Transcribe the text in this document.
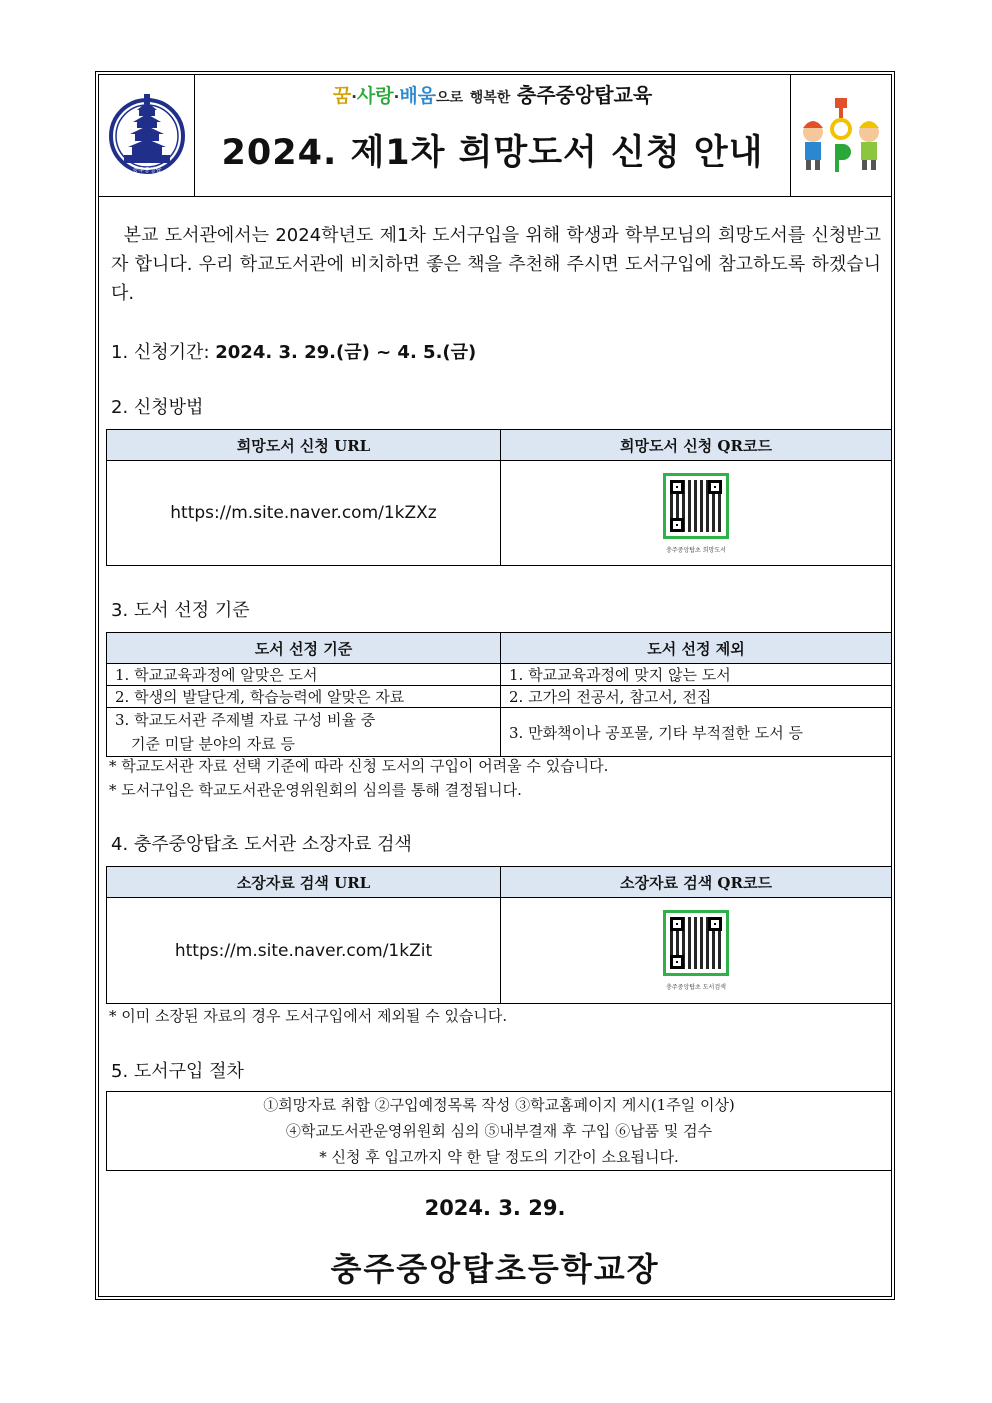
충주중앙탑
꿈·사랑·배움으로 행복한 충주중앙탑교육
2024. 제1차 희망도서 신청 안내
본교 도서관에서는 2024학년도 제1차 도서구입을 위해 학생과 학부모님의 희망도서를 신청받고자 합니다. 우리 학교도서관에 비치하면 좋은 책을 추천해 주시면 도서구입에 참고하도록 하겠습니다.
1. 신청기간: 2024. 3. 29.(금) ~ 4. 5.(금)
2. 신청방법
희망도서 신청 URL	희망도서 신청 QR코드
https://m.site.naver.com/1kZXz	충주중앙탑초 희망도서
3. 도서 선정 기준
도서 선정 기준	도서 선정 제외
1. 학교교육과정에 알맞은 도서	1. 학교교육과정에 맞지 않는 도서
2. 학생의 발달단계, 학습능력에 알맞은 자료	2. 고가의 전공서, 참고서, 전집

3. 학교도서관 주제별 자료 구성 비율 중
기준 미달 분야의 자료 등	3. 만화책이나 공포물, 기타 부적절한 도서 등
* 학교도서관 자료 선택 기준에 따라 신청 도서의 구입이 어려울 수 있습니다.
* 도서구입은 학교도서관운영위원회의 심의를 통해 결정됩니다.
4. 충주중앙탑초 도서관 소장자료 검색
소장자료 검색 URL	소장자료 검색 QR코드
https://m.site.naver.com/1kZit	충주중앙탑초 도서검색
* 이미 소장된 자료의 경우 도서구입에서 제외될 수 있습니다.
5. 도서구입 절차
①희망자료 취합 ②구입예정목록 작성 ③학교홈페이지 게시(1주일 이상)
④학교도서관운영위원회 심의 ⑤내부결재 후 구입 ⑥납품 및 검수
* 신청 후 입고까지 약 한 달 정도의 기간이 소요됩니다.
2024. 3. 29.
충주중앙탑초등학교장
